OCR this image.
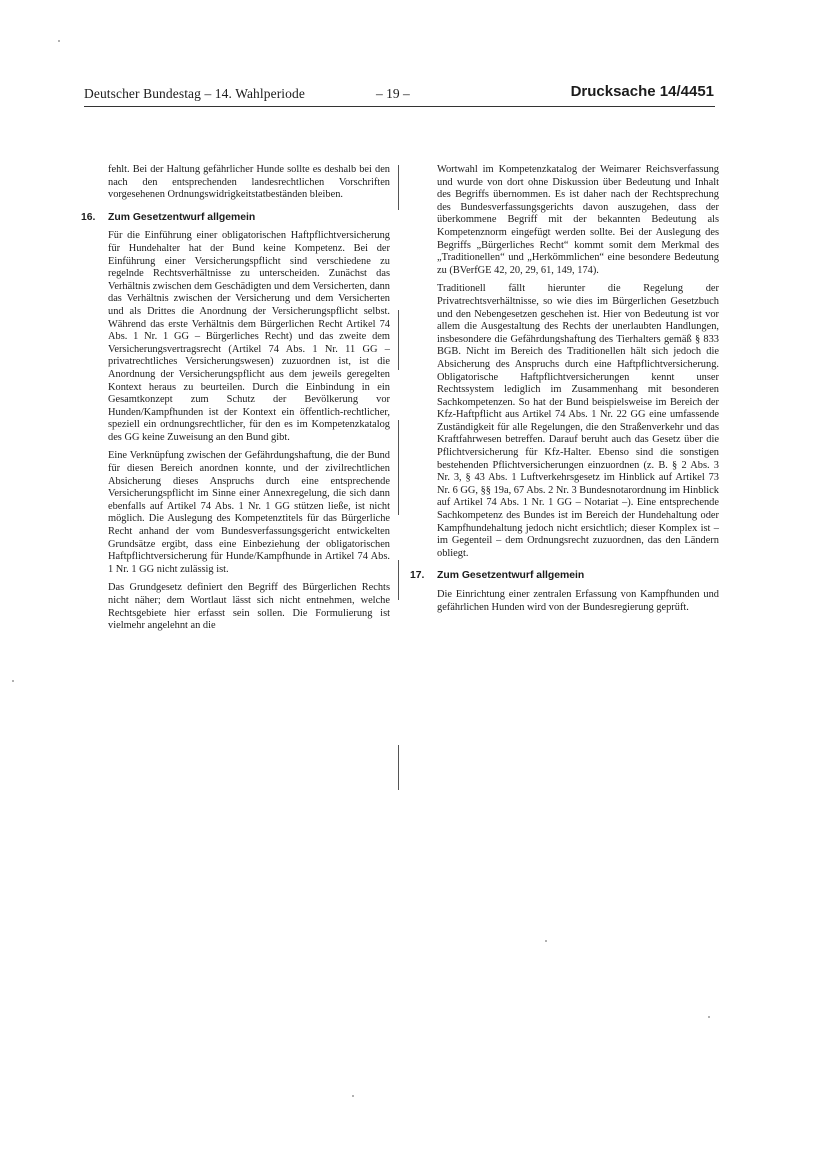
Deutscher Bundestag – 14. Wahlperiode	– 19 –	Drucksache 14/4451

fehlt. Bei der Haltung gefährlicher Hunde sollte es deshalb bei den nach den entsprechenden landesrechtlichen Vorschriften vorgesehenen Ordnungswidrigkeitstatbeständen bleiben.

16. Zum Gesetzentwurf allgemein

Für die Einführung einer obligatorischen Haftpflichtversicherung für Hundehalter hat der Bund keine Kompetenz. Bei der Einführung einer Versicherungspflicht sind verschiedene zu regelnde Rechtsverhältnisse zu unterscheiden. Zunächst das Verhältnis zwischen dem Geschädigten und dem Versicherten, dann das Verhältnis zwischen der Versicherung und dem Versicherten und als Drittes die Anordnung der Versicherungspflicht selbst. Während das erste Verhältnis dem Bürgerlichen Recht Artikel 74 Abs. 1 Nr. 1 GG – Bürgerliches Recht) und das zweite dem Versicherungsvertragsrecht (Artikel 74 Abs. 1 Nr. 11 GG – privatrechtliches Versicherungswesen) zuzuordnen ist, ist die Anordnung der Versicherungspflicht aus dem jeweils geregelten Kontext heraus zu beurteilen. Durch die Einbindung in ein Gesamtkonzept zum Schutz der Bevölkerung vor Hunden/Kampfhunden ist der Kontext ein öffentlich-rechtlicher, speziell ein ordnungsrechtlicher, für den es im Kompetenzkatalog des GG keine Zuweisung an den Bund gibt.

Eine Verknüpfung zwischen der Gefährdungshaftung, die der Bund für diesen Bereich anordnen konnte, und der zivilrechtlichen Absicherung dieses Anspruchs durch eine entsprechende Versicherungspflicht im Sinne einer Annexregelung, die sich dann ebenfalls auf Artikel 74 Abs. 1 Nr. 1 GG stützen ließe, ist nicht möglich. Die Auslegung des Kompetenztitels für das Bürgerliche Recht anhand der vom Bundesverfassungsgericht entwickelten Grundsätze ergibt, dass eine Einbeziehung der obligatorischen Haftpflichtversicherung für Hunde/Kampfhunde in Artikel 74 Abs. 1 Nr. 1 GG nicht zulässig ist.

Das Grundgesetz definiert den Begriff des Bürgerlichen Rechts nicht näher; dem Wortlaut lässt sich nicht entnehmen, welche Rechtsgebiete hier erfasst sein sollen. Die Formulierung ist vielmehr angelehnt an die

Wortwahl im Kompetenzkatalog der Weimarer Reichsverfassung und wurde von dort ohne Diskussion über Bedeutung und Inhalt des Begriffs übernommen. Es ist daher nach der Rechtsprechung des Bundesverfassungsgerichts davon auszugehen, dass der überkommene Begriff mit der bekannten Bedeutung als Kompetenznorm eingefügt werden sollte. Bei der Auslegung des Begriffs „Bürgerliches Recht“ kommt somit dem Merkmal des „Traditionellen“ und „Herkömmlichen“ eine besondere Bedeutung zu (BVerfGE 42, 20, 29, 61, 149, 174).

Traditionell fällt hierunter die Regelung der Privatrechtsverhältnisse, so wie dies im Bürgerlichen Gesetzbuch und den Nebengesetzen geschehen ist. Hier von Bedeutung ist vor allem die Ausgestaltung des Rechts der unerlaubten Handlungen, insbesondere die Gefährdungshaftung des Tierhalters gemäß § 833 BGB. Nicht im Bereich des Traditionellen hält sich jedoch die Absicherung des Anspruchs durch eine Haftpflichtversicherung. Obligatorische Haftpflichtversicherungen kennt unser Rechtssystem lediglich im Zusammenhang mit besonderen Sachkompetenzen. So hat der Bund beispielsweise im Bereich der Kfz-Haftpflicht aus Artikel 74 Abs. 1 Nr. 22 GG eine umfassende Zuständigkeit für alle Regelungen, die den Straßenverkehr und das Kraftfahrwesen betreffen. Darauf beruht auch das Gesetz über die Pflichtversicherung für Kfz-Halter. Ebenso sind die sonstigen bestehenden Pflichtversicherungen einzuordnen (z. B. § 2 Abs. 3 Nr. 3, § 43 Abs. 1 Luftverkehrsgesetz im Hinblick auf Artikel 73 Nr. 6 GG, §§ 19a, 67 Abs. 2 Nr. 3 Bundesnotarordnung im Hinblick auf Artikel 74 Abs. 1 Nr. 1 GG – Notariat –). Eine entsprechende Sachkompetenz des Bundes ist im Bereich der Hundehaltung oder Kampfhundehaltung jedoch nicht ersichtlich; dieser Komplex ist – im Gegenteil – dem Ordnungsrecht zuzuordnen, das den Ländern obliegt.

17. Zum Gesetzentwurf allgemein

Die Einrichtung einer zentralen Erfassung von Kampfhunden und gefährlichen Hunden wird von der Bundesregierung geprüft.
